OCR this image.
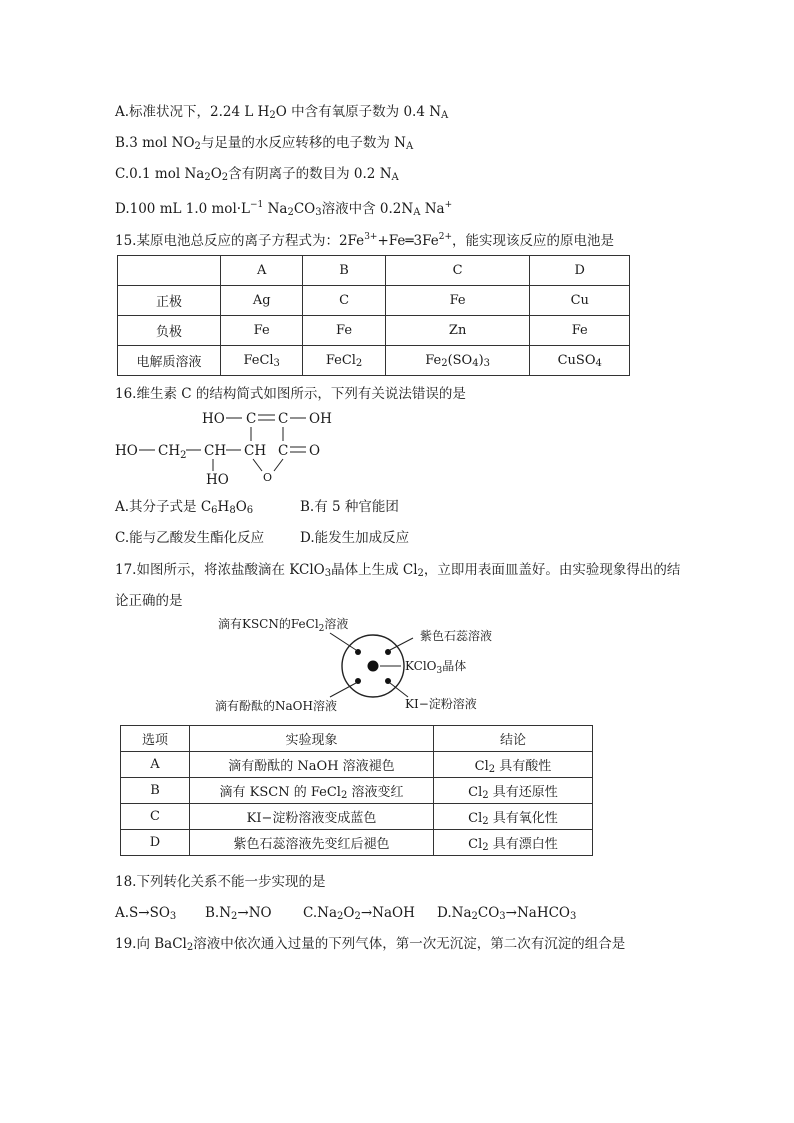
A.标准状况下，2.24 L $H_2O$ 中含有氧原子数为 0.4 $N_A$
B.3 mol $NO_2$与足量的水反应转移的电子数为 $N_A$
C.0.1 mol $Na_2O_2$含有阴离子的数目为 0.2 $N_A$
D.100 mL 1.0 $mol\cdot L^{-1}$ $Na_2CO_3$溶液中含 $0.2N_A$ Na+
15.某原电池总反应的离子方程式为：$2Fe^{3+}+Fe═3Fe^{2+}$，能实现该反应的原电池是
	A	B	C	D
正极	Ag	C	Fe	Cu
负极	Fe	Fe	Zn	Fe
电解质溶液	FeCl$_3$	FeCl$_2$	$Fe_2(SO_4)_3$	CuSO$_4$
16.维生素 C 的结构简式如图所示，下列有关说法错误的是
HO C C OH
HO $CH_2$ CH CH C O
HO	O
A.其分子式是 $C_6H_8O_6$	B.有 5 种官能团
C.能与乙酸发生酯化反应	D.能发生加成反应
17.如图所示，将浓盐酸滴在 KClO$_3$晶体上生成 $Cl_2$，立即用表面皿盖好。由实验现象得出的结
论正确的是
滴有KSCN的FeCl$_2$溶液
紫色石蕊溶液
KClO$_3$晶体
滴有酚酞的NaOH溶液	KI−淀粉溶液
选项	实验现象	结论
A	滴有酚酞的 NaOH 溶液褪色	$Cl_2$ 具有酸性
B	滴有 KSCN 的 FeCl$_2$ 溶液变红	$Cl_2$ 具有还原性
C	KI−淀粉溶液变成蓝色	$Cl_2$ 具有氧化性
D	紫色石蕊溶液先变红后褪色	$Cl_2$ 具有漂白性
18.下列转化关系不能一步实现的是
$A.S\to SO_3$ $B.N_2\to NO$ $C.Na_2O_2\to NaOH$ $D.Na_2CO_3\to NaHCO_3$
19.向 BaCl$_2$溶液中依次通入过量的下列气体，第一次无沉淀，第二次有沉淀的组合是
